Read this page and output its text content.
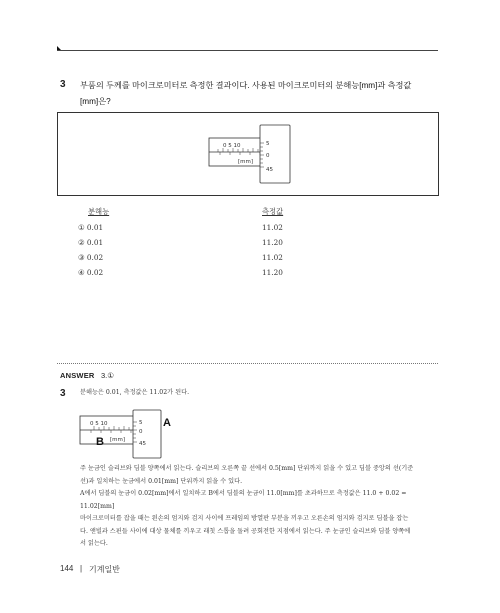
3 부품의 두께를 마이크로미터로 측정한 결과이다. 사용된 마이크로미터의 분해능[mm]과 측정값
[mm]은?
0 5 10
[mm]
5
0
45
분해능	측정값
① 0.01	11.02
② 0.01	11.20
③ 0.02	11.02
④ 0.02	11.20
ANSWER 3.①
3 분해능은 0.01, 측정값은 11.02가 된다.
0 5 10
[mm]
5
0
45
A
B
주 눈금인 슬리브와 딤블 양쪽에서 읽는다. 슬리브의 오른쪽 끝 선에서 0.5[mm] 단위까지 읽을 수 있고 딤블 중앙의 선(기준
선)과 일치하는 눈금에서 0.01[mm] 단위까지 읽을 수 있다.
A에서 딤블의 눈금이 0.02[mm]에서 일치하고 B에서 딤블의 눈금이 11.0[mm]를 초과하므로 측정값은 11.0 + 0.02 =
11.02[mm]
마이크로미터를 잡을 때는 왼손의 엄지와 검지 사이에 프레임의 방열판 부분을 끼우고 오른손의 엄지와 검지로 딤블을 잡는
다. 앤빌과 스핀들 사이에 대상 물체를 끼우고 래칫 스톱을 돌려 공회전한 지점에서 읽는다. 주 눈금인 슬리브와 딤블 양쪽에
서 읽는다.
144 | 기계일반
